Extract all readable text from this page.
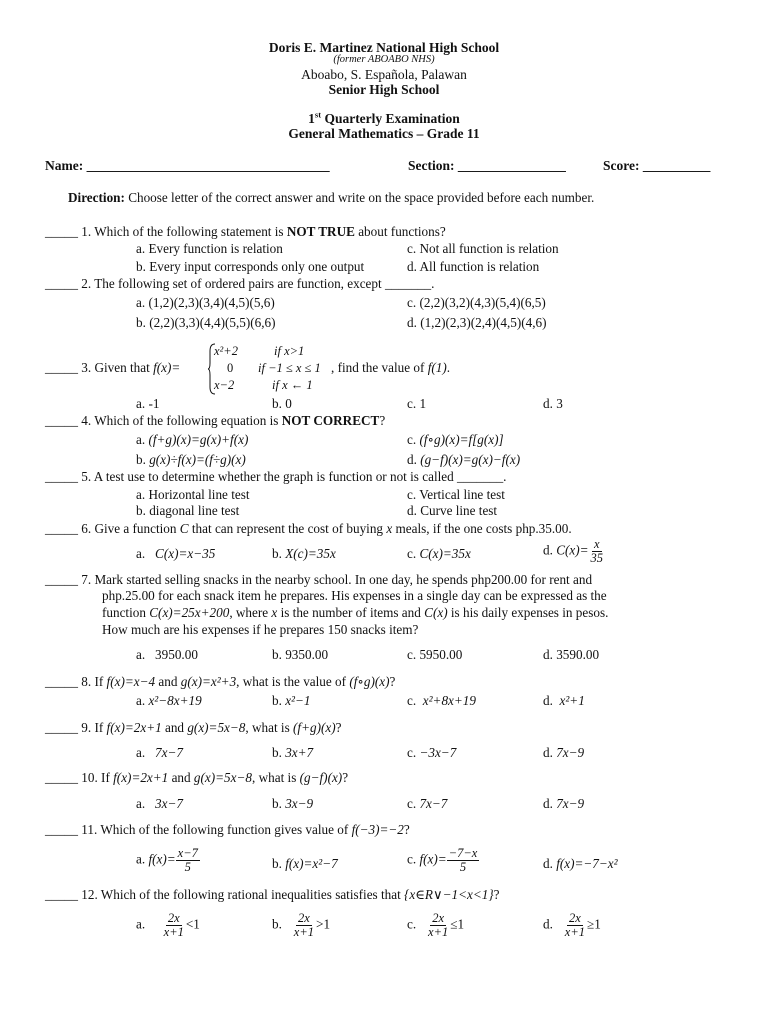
Doris E. Martinez National High School
(former ABOABO NHS)
Aboabo, S. Española, Palawan
Senior High School
1st Quarterly Examination
General Mathematics – Grade 11
Name: ____________________________________	Section: ________________	Score: __________
Direction: Choose letter of the correct answer and write on the space provided before each number.
_____ 1. Which of the following statement is NOT TRUE about functions?
a. Every function is relation
b. Every input corresponds only one output
c. Not all function is relation
d. All function is relation
_____ 2. The following set of ordered pairs are function, except _______.
a. (1,2)(2,3)(3,4)(4,5)(5,6)
b. (2,2)(3,3)(4,4)(5,5)(6,6)
c. (2,2)(3,2)(4,3)(5,4)(6,5)
d. (1,2)(2,3)(2,4)(4,5)(4,6)
_____ 3. Given that f(x)=
x²+2	if x>1
0 if −1 ≤ x ≤ 1
x−2	if x ← 1
, find the value of f(1).
a. -1	b. 0	c. 1	d. 3
_____ 4. Which of the following equation is NOT CORRECT?
a. (f+g)(x)=g(x)+f(x)
b. g(x)÷f(x)=(f÷g)(x)
c. (f∘g)(x)=f[g(x)]
d. (g−f)(x)=g(x)−f(x)
_____ 5. A test use to determine whether the graph is function or not is called _______.
a. Horizontal line test
b. diagonal line test
c. Vertical line test
d. Curve line test
_____ 6. Give a function C that can represent the cost of buying x meals, if the one costs php.35.00.
a. C(x)=x−35	b. X(c)=35x	c. C(x)=35x	d. $C(x)= \frac{x}{35}$
_____ 7. Mark started selling snacks in the nearby school. In one day, he spends php200.00 for rent and
php.25.00 for each snack item he prepares. His expenses in a single day can be expressed as the
function C(x)=25x+200, where x is the number of items and C(x) is his daily expenses in pesos.
How much are his expenses if he prepares 150 snacks item?
a. 3950.00	b. 9350.00	c. 5950.00	d. 3590.00
_____ 8. If f(x)=x−4 and g(x)=x²+3, what is the value of (f∘g)(x)?
a. x²−8x+19	b. x²−1	c.  x²+8x+19	d. x²+1
_____ 9. If f(x)=2x+1 and g(x)=5x−8, what is (f+g)(x)?
a. 7x−7	b. 3x+7	c. −3x−7	d. 7x−9
_____ 10. If f(x)=2x+1 and g(x)=5x−8, what is (g−f)(x)?
a. 3x−7	b. 3x−9	c. 7x−7	d. 7x−9
_____ 11. Which of the following function gives value of f(−3)=−2?
a. $f(x)= \frac{x-7}{5}$	b. f(x)=x²−7	c. $f(x)= \frac{-7-x}{5}$	d. f(x)=−7−x²
_____ 12. Which of the following rational inequalities satisfies that {x∈R∨−1<x<1}?
a. $\frac{2x}{x+1} <1$	b. $\frac{2x}{x+1} >1$	c. $\frac{2x}{x+1} \le 1$	d. $\frac{2x}{x+1} \ge 1$
